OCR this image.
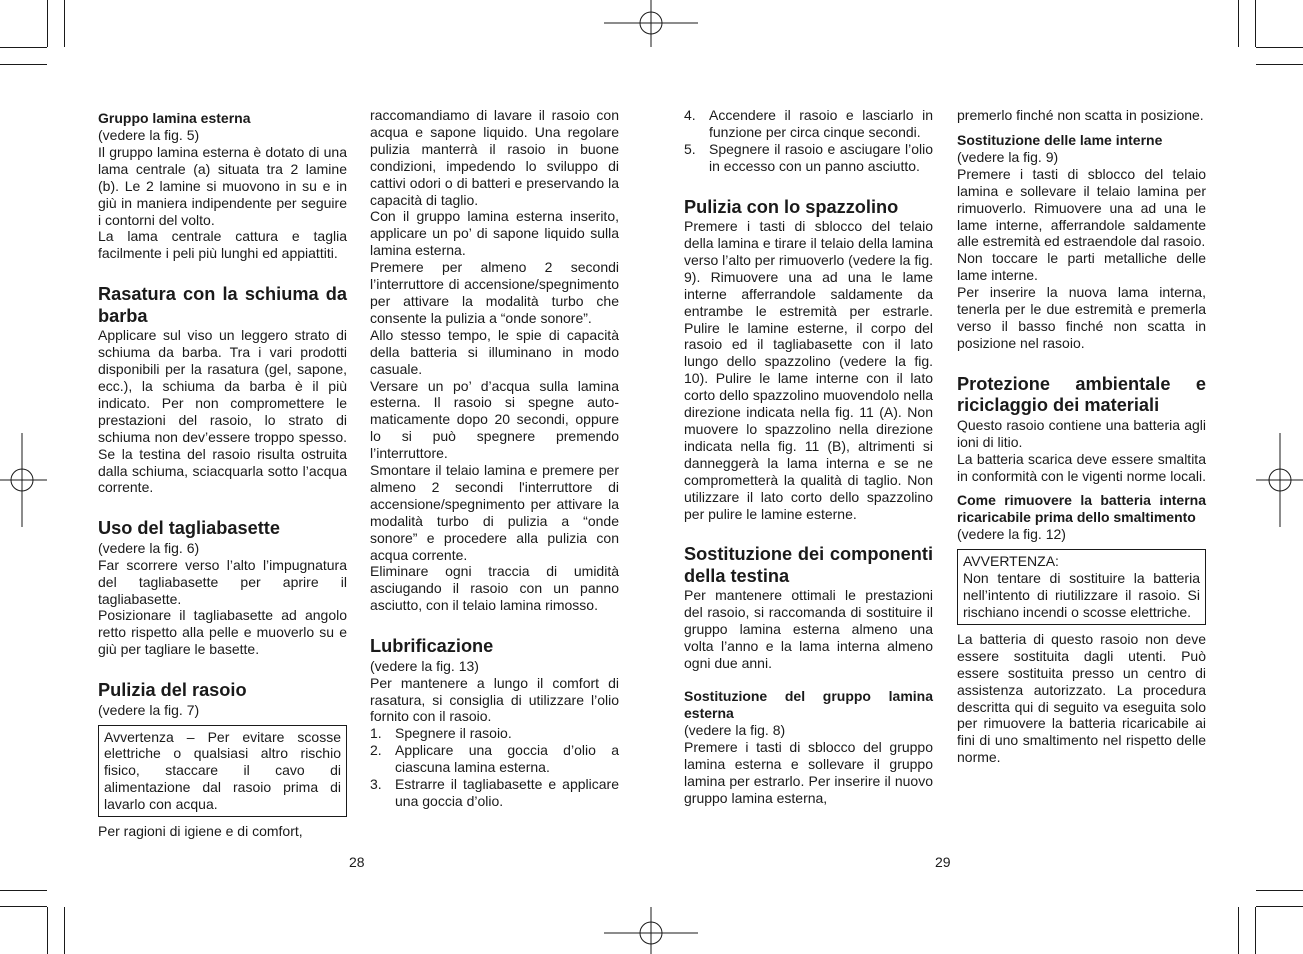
Gruppo lamina esterna

(vedere la fig. 5)

Il gruppo lamina esterna è dotato di una lama centrale (a) situata tra 2 lamine (b). Le 2 lamine si muovono in su e in giù in maniera indipendente per seguire i contorni del volto.

La lama centrale cattura e taglia facilmente i peli più lunghi ed appiattiti.

Rasatura con la schiuma da barba

Applicare sul viso un leggero strato di schiuma da barba. Tra i vari prodotti disponibili per la rasatura (gel, sapone, ecc.), la schiuma da barba è il più indicato. Per non compromettere le prestazioni del rasoio, lo strato di schiuma non dev’essere troppo spesso. Se la testina del rasoio risulta ostruita dalla schiuma, sciacquarla sotto l’acqua corrente.

Uso del tagliabasette

(vedere la fig. 6)

Far scorrere verso l’alto l’impugnatura del tagliabasette per aprire il tagliabasette.

Posizionare il tagliabasette ad angolo retto rispetto alla pelle e muoverlo su e giù per tagliare le basette.

Pulizia del rasoio

(vedere la fig. 7)

Avvertenza – Per evitare scosse elettriche o qualsiasi altro rischio fisico, staccare il cavo di alimentazione dal rasoio prima di lavarlo con acqua.

Per ragioni di igiene e di comfort,

raccomandiamo di lavare il rasoio con acqua e sapone liquido. Una regolare pulizia manterrà il rasoio in buone condizioni, impedendo lo sviluppo di cattivi odori o di batteri e preservando la capacità di taglio.

Con il gruppo lamina esterna inserito, applicare un po’ di sapone liquido sulla lamina esterna.

Premere per almeno 2 secondi l’interruttore di accensione/spegnimento per attivare la modalità turbo che consente la pulizia a “onde sonore”.

Allo stesso tempo, le spie di capacità della batteria si illuminano in modo casuale.

Versare un po’ d’acqua sulla lamina esterna. Il rasoio si spegne automaticamente dopo 20 secondi, oppure lo si può spegnere premendo l’interruttore.

Smontare il telaio lamina e premere per almeno 2 secondi l'interruttore di accensione/spegnimento per attivare la modalità turbo di pulizia a “onde sonore” e procedere alla pulizia con acqua corrente.

Eliminare ogni traccia di umidità asciugando il rasoio con un panno asciutto, con il telaio lamina rimosso.

Lubrificazione

(vedere la fig. 13)

Per mantenere a lungo il comfort di rasatura, si consiglia di utilizzare l’olio fornito con il rasoio.

1. Spegnere il rasoio.
2. Applicare una goccia d’olio a ciascuna lamina esterna.
3. Estrarre il tagliabasette e applicare una goccia d’olio.
4. Accendere il rasoio e lasciarlo in funzione per circa cinque secondi.
5. Spegnere il rasoio e asciugare l’olio in eccesso con un panno asciutto.

Pulizia con lo spazzolino

Premere i tasti di sblocco del telaio della lamina e tirare il telaio della lamina verso l’alto per rimuoverlo (vedere la fig. 9). Rimuovere una ad una le lame interne afferrandole saldamente da entrambe le estremità per estrarle. Pulire le lamine esterne, il corpo del rasoio ed il tagliabasette con il lato lungo dello spazzolino (vedere la fig. 10). Pulire le lame interne con il lato corto dello spazzolino muovendolo nella direzione indicata nella fig. 11 (A). Non muovere lo spazzolino nella direzione indicata nella fig. 11 (B), altrimenti si danneggerà la lama interna e se ne comprometterà la qualità di taglio. Non utilizzare il lato corto dello spazzolino per pulire le lamine esterne.

Sostituzione dei componenti della testina

Per mantenere ottimali le prestazioni del rasoio, si raccomanda di sostituire il gruppo lamina esterna almeno una volta l’anno e la lama interna almeno ogni due anni.

Sostituzione del gruppo lamina esterna

(vedere la fig. 8)

Premere i tasti di sblocco del gruppo lamina esterna e sollevare il gruppo lamina per estrarlo. Per inserire il nuovo gruppo lamina esterna,

premerlo finché non scatta in posizione.

Sostituzione delle lame interne

(vedere la fig. 9)

Premere i tasti di sblocco del telaio lamina e sollevare il telaio lamina per rimuoverlo. Rimuovere una ad una le lame interne, afferrandole saldamente alle estremità ed estraendole dal rasoio.

Non toccare le parti metalliche delle lame interne.

Per inserire la nuova lama interna, tenerla per le due estremità e premerla verso il basso finché non scatta in posizione nel rasoio.

Protezione ambientale e riciclaggio dei materiali

Questo rasoio contiene una batteria agli ioni di litio.

La batteria scarica deve essere smaltita in conformità con le vigenti norme locali.

Come rimuovere la batteria interna ricaricabile prima dello smaltimento

(vedere la fig. 12)

AVVERTENZA:

Non tentare di sostituire la batteria nell’intento di riutilizzare il rasoio. Si rischiano incendi o scosse elettriche.

La batteria di questo rasoio non deve essere sostituita dagli utenti. Può essere sostituita presso un centro di assistenza autorizzato. La procedura descritta qui di seguito va eseguita solo per rimuovere la batteria ricaricabile ai fini di uno smaltimento nel rispetto delle norme.

28	29
